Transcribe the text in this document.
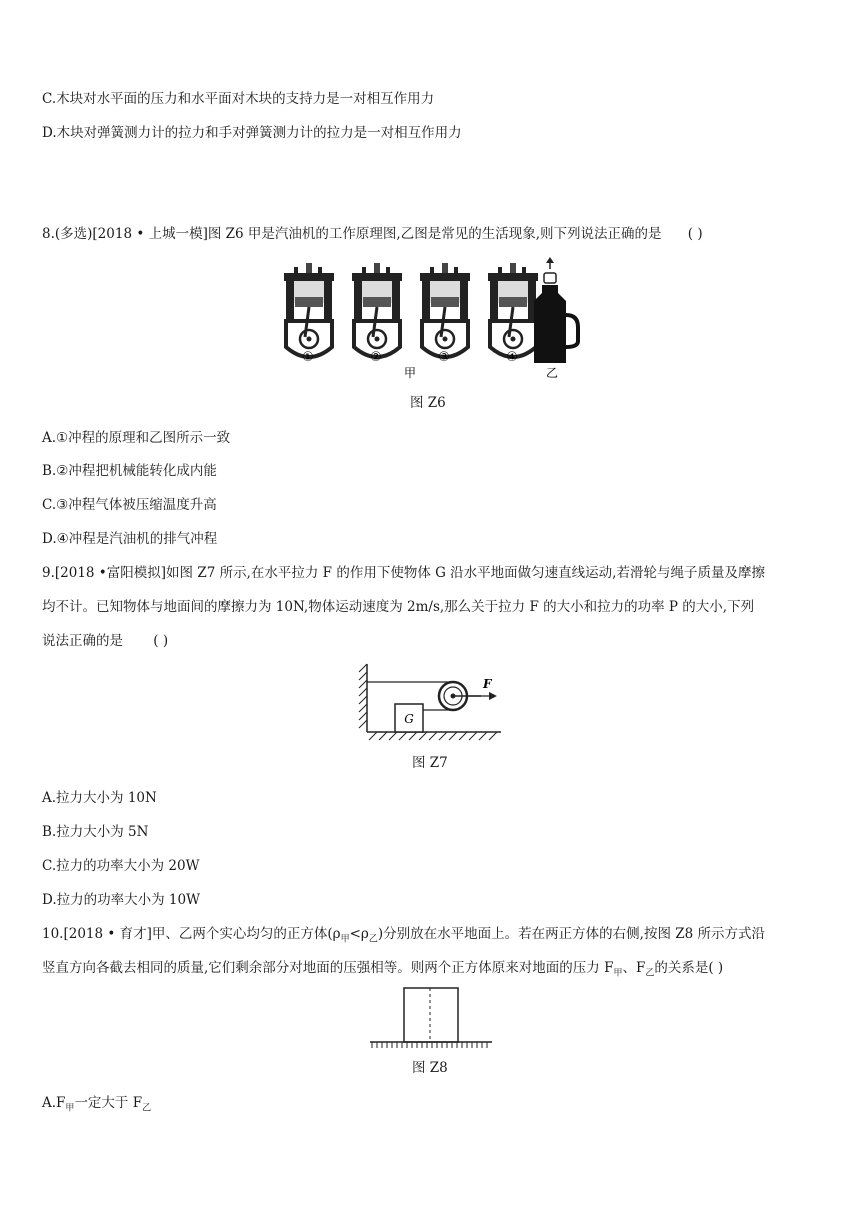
C.木块对水平面的压力和水平面对木块的支持力是一对相互作用力
D.木块对弹簧测力计的拉力和手对弹簧测力计的拉力是一对相互作用力
8.(多选)[2018 • 上城一模]图 Z6 甲是汽油机的工作原理图,乙图是常见的生活现象,则下列说法正确的是 ( )
①	②	③	④
甲	乙
图 Z6
A.①冲程的原理和乙图所示一致
B.②冲程把机械能转化成内能
C.③冲程气体被压缩温度升高
D.④冲程是汽油机的排气冲程
9.[2018 •富阳模拟]如图 Z7 所示,在水平拉力 F 的作用下使物体 G 沿水平地面做匀速直线运动,若滑轮与绳子质量及摩擦
均不计。已知物体与地面间的摩擦力为 10N,物体运动速度为 2m/s,那么关于拉力 F 的大小和拉力的功率 P 的大小,下列
说法正确的是 ( )
G
F
图 Z7
A.拉力大小为 10N
B.拉力大小为 5N
C.拉力的功率大小为 20W
D.拉力的功率大小为 10W
10.[2018 • 育才]甲、乙两个实心均匀的正方体$(\rho_甲<\rho_乙)$分别放在水平地面上。若在两正方体的右侧,按图 Z8 所示方式沿
竖直方向各截去相同的质量,它们剩余部分对地面的压强相等。则两个正方体原来对地面的压力 $F_甲$、$F_乙$的关系是( )
图 Z8
$A.F_甲$一定大于 $F_乙$
